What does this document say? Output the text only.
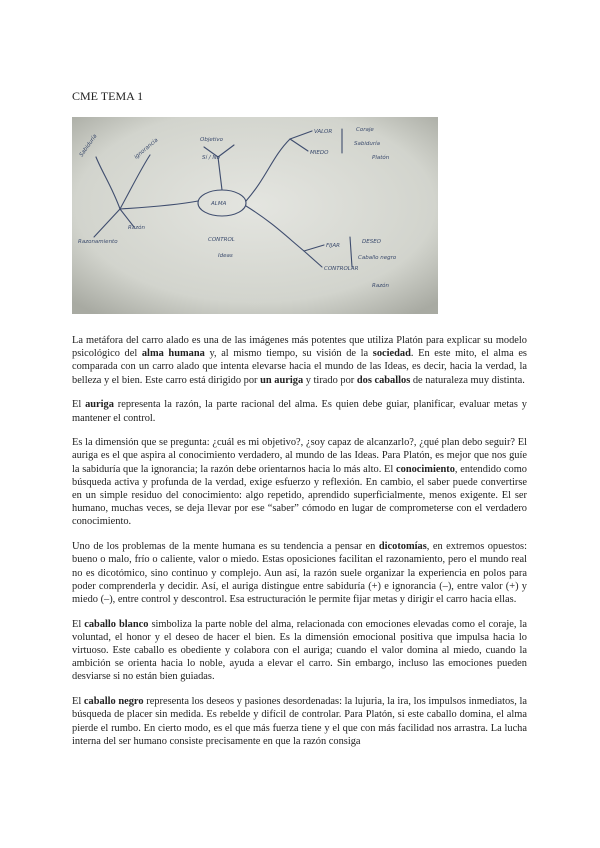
CME TEMA 1
ALMA
VALOR
MIEDO
Coraje
Sabiduría
Platón
FIJAR
CONTROLAR
DESEO
Caballo negro
Razón
Sabiduría	ignorancia
Razón
Razonamiento
Objetivo
Sí / No
CONTROL
Ideas

La metáfora del carro alado es una de las imágenes más potentes que utiliza Platón para explicar su modelo psicológico del alma humana y, al mismo tiempo, su visión de la sociedad. En este mito, el alma es comparada con un carro alado que intenta elevarse hacia el mundo de las Ideas, es decir, hacia la verdad, la belleza y el bien. Este carro está dirigido por un auriga y tirado por dos caballos de naturaleza muy distinta.

El auriga representa la razón, la parte racional del alma. Es quien debe guiar, planificar, evaluar metas y mantener el control.

Es la dimensión que se pregunta: ¿cuál es mi objetivo?, ¿soy capaz de alcanzarlo?, ¿qué plan debo seguir? El auriga es el que aspira al conocimiento verdadero, al mundo de las Ideas. Para Platón, es mejor que nos guíe la sabiduría que la ignorancia; la razón debe orientarnos hacia lo más alto. El conocimiento, entendido como búsqueda activa y profunda de la verdad, exige esfuerzo y reflexión. En cambio, el saber puede convertirse en un simple residuo del conocimiento: algo repetido, aprendido superficialmente, menos exigente. El ser humano, muchas veces, se deja llevar por ese “saber” cómodo en lugar de comprometerse con el verdadero conocimiento.

Uno de los problemas de la mente humana es su tendencia a pensar en dicotomías, en extremos opuestos: bueno o malo, frío o caliente, valor o miedo. Estas oposiciones facilitan el razonamiento, pero el mundo real no es dicotómico, sino continuo y complejo. Aun así, la razón suele organizar la experiencia en polos para poder comprenderla y decidir. Así, el auriga distingue entre sabiduría (+) e ignorancia (–), entre valor (+) y miedo (–), entre control y descontrol. Esa estructuración le permite fijar metas y dirigir el carro hacia ellas.

El caballo blanco simboliza la parte noble del alma, relacionada con emociones elevadas como el coraje, la voluntad, el honor y el deseo de hacer el bien. Es la dimensión emocional positiva que impulsa hacia lo virtuoso. Este caballo es obediente y colabora con el auriga; cuando el valor domina al miedo, cuando la ambición se orienta hacia lo noble, ayuda a elevar el carro. Sin embargo, incluso las emociones pueden desviarse si no están bien guiadas.

El caballo negro representa los deseos y pasiones desordenadas: la lujuria, la ira, los impulsos inmediatos, la búsqueda de placer sin medida. Es rebelde y difícil de controlar. Para Platón, si este caballo domina, el alma pierde el rumbo. En cierto modo, es el que más fuerza tiene y el que con más facilidad nos arrastra. La lucha interna del ser humano consiste precisamente en que la razón consiga
